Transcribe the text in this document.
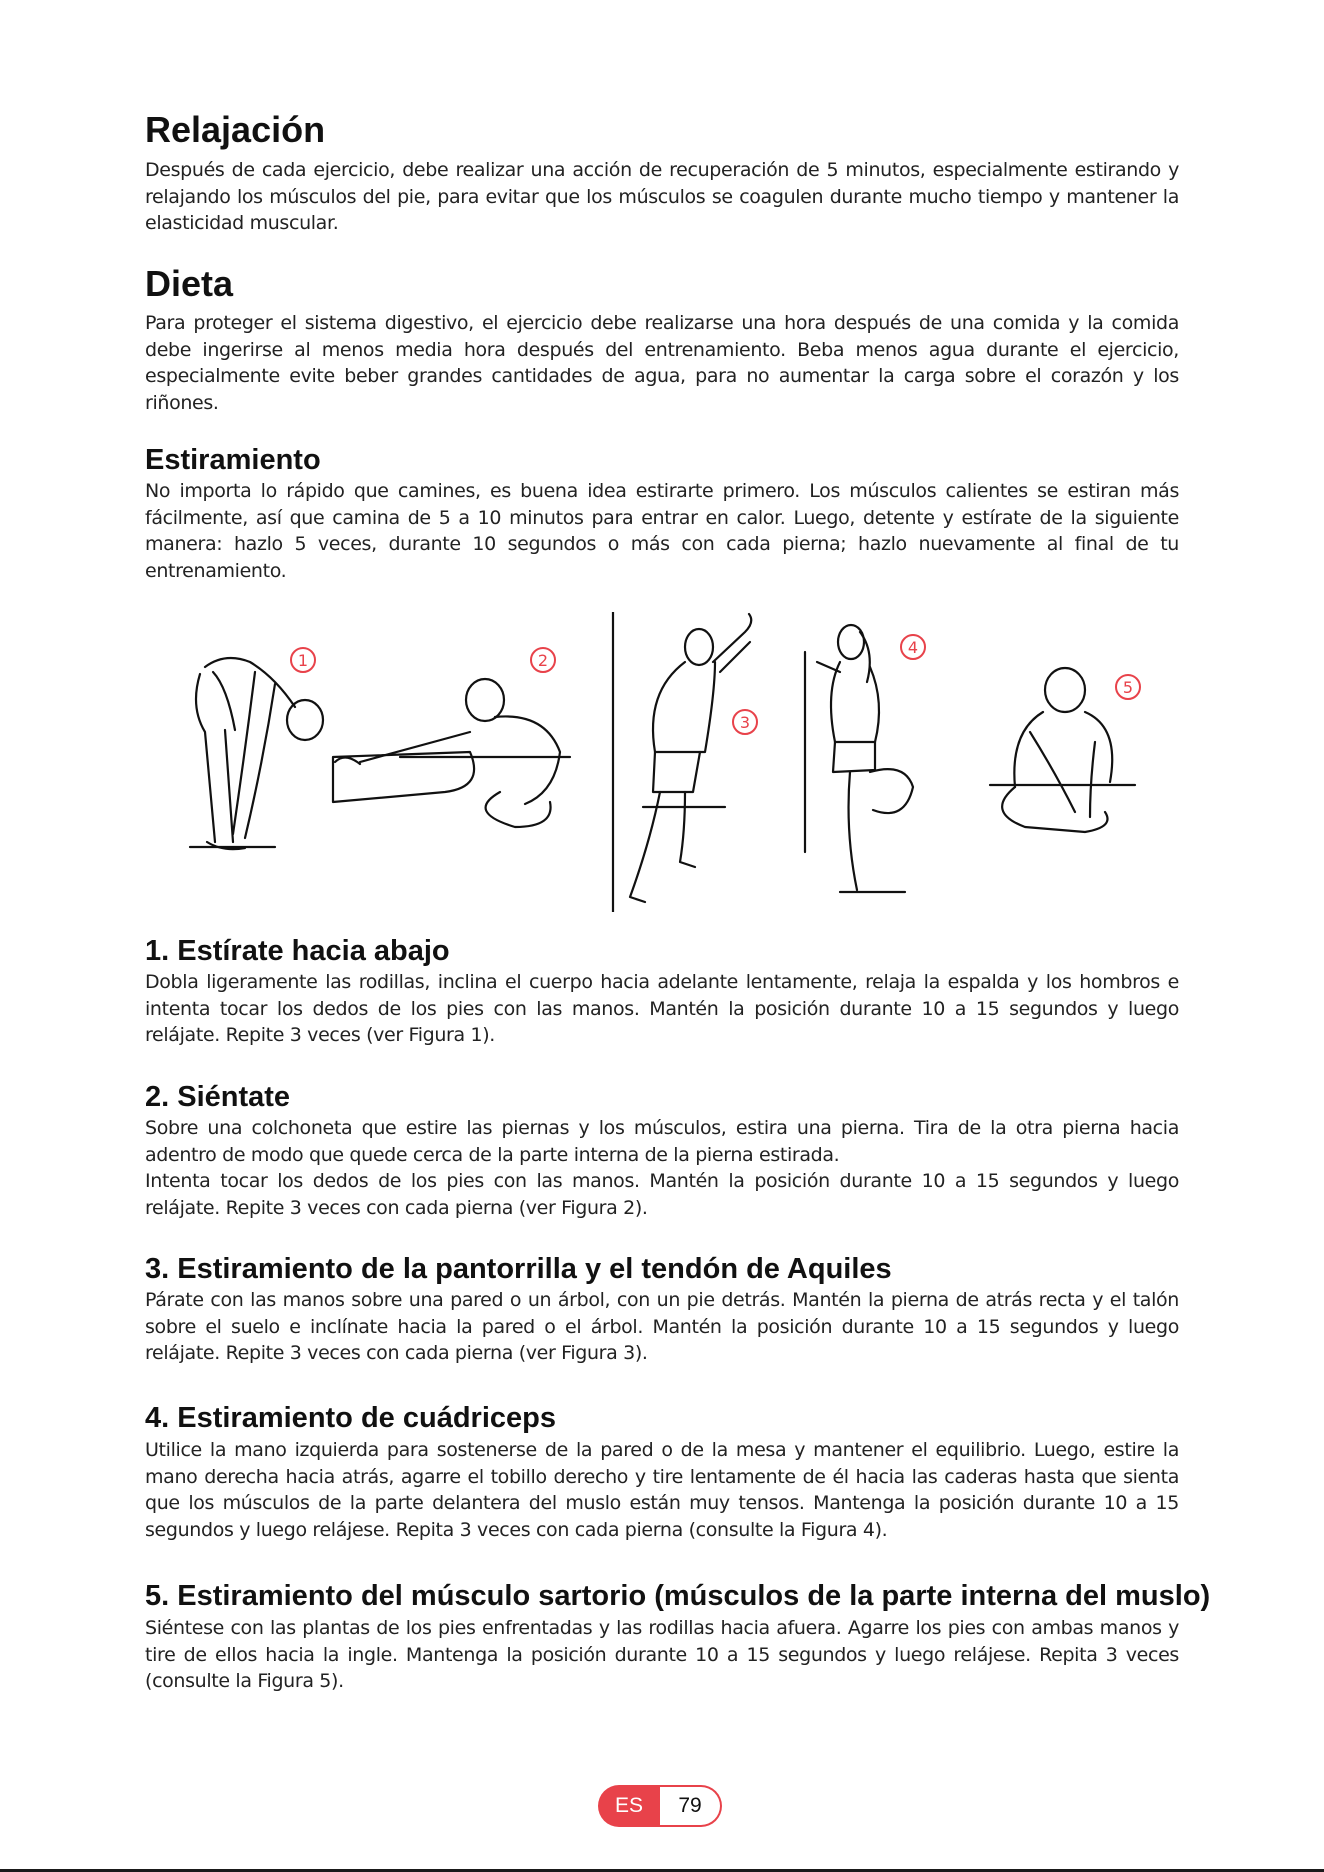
Relajación

Después de cada ejercicio, debe realizar una acción de recuperación de 5 minutos, especialmente estirando y relajando los músculos del pie, para evitar que los músculos se coagulen durante mucho tiempo y mantener la elasticidad muscular.

Dieta

Para proteger el sistema digestivo, el ejercicio debe realizarse una hora después de una comida y la comida debe ingerirse al menos media hora después del entrenamiento. Beba menos agua durante el ejercicio, especialmente evite beber grandes cantidades de agua, para no aumentar la carga sobre el corazón y los riñones.

Estiramiento

No importa lo rápido que camines, es buena idea estirarte primero. Los músculos calientes se estiran más fácilmente, así que camina de 5 a 10 minutos para entrar en calor. Luego, detente y estírate de la siguiente manera: hazlo 5 veces, durante 10 segundos o más con cada pierna; hazlo nuevamente al final de tu entrenamiento.

1	2
3
4
5
1. Estírate hacia abajo

Dobla ligeramente las rodillas, inclina el cuerpo hacia adelante lentamente, relaja la espalda y los hombros e intenta tocar los dedos de los pies con las manos. Mantén la posición durante 10 a 15 segundos y luego relájate. Repite 3 veces (ver Figura 1).

2. Siéntate

Sobre una colchoneta que estire las piernas y los músculos, estira una pierna. Tira de la otra pierna hacia adentro de modo que quede cerca de la parte interna de la pierna estirada.

Intenta tocar los dedos de los pies con las manos. Mantén la posición durante 10 a 15 segundos y luego relájate. Repite 3 veces con cada pierna (ver Figura 2).

3. Estiramiento de la pantorrilla y el tendón de Aquiles

Párate con las manos sobre una pared o un árbol, con un pie detrás. Mantén la pierna de atrás recta y el talón sobre el suelo e inclínate hacia la pared o el árbol. Mantén la posición durante 10 a 15 segundos y luego relájate. Repite 3 veces con cada pierna (ver Figura 3).

4. Estiramiento de cuádriceps

Utilice la mano izquierda para sostenerse de la pared o de la mesa y mantener el equilibrio. Luego, estire la mano derecha hacia atrás, agarre el tobillo derecho y tire lentamente de él hacia las caderas hasta que sienta que los músculos de la parte delantera del muslo están muy tensos. Mantenga la posición durante 10 a 15 segundos y luego relájese. Repita 3 veces con cada pierna (consulte la Figura 4).

5. Estiramiento del músculo sartorio (músculos de la parte interna del muslo)

Siéntese con las plantas de los pies enfrentadas y las rodillas hacia afuera. Agarre los pies con ambas manos y tire de ellos hacia la ingle. Mantenga la posición durante 10 a 15 segundos y luego relájese. Repita 3 veces (consulte la Figura 5).

ES	79
